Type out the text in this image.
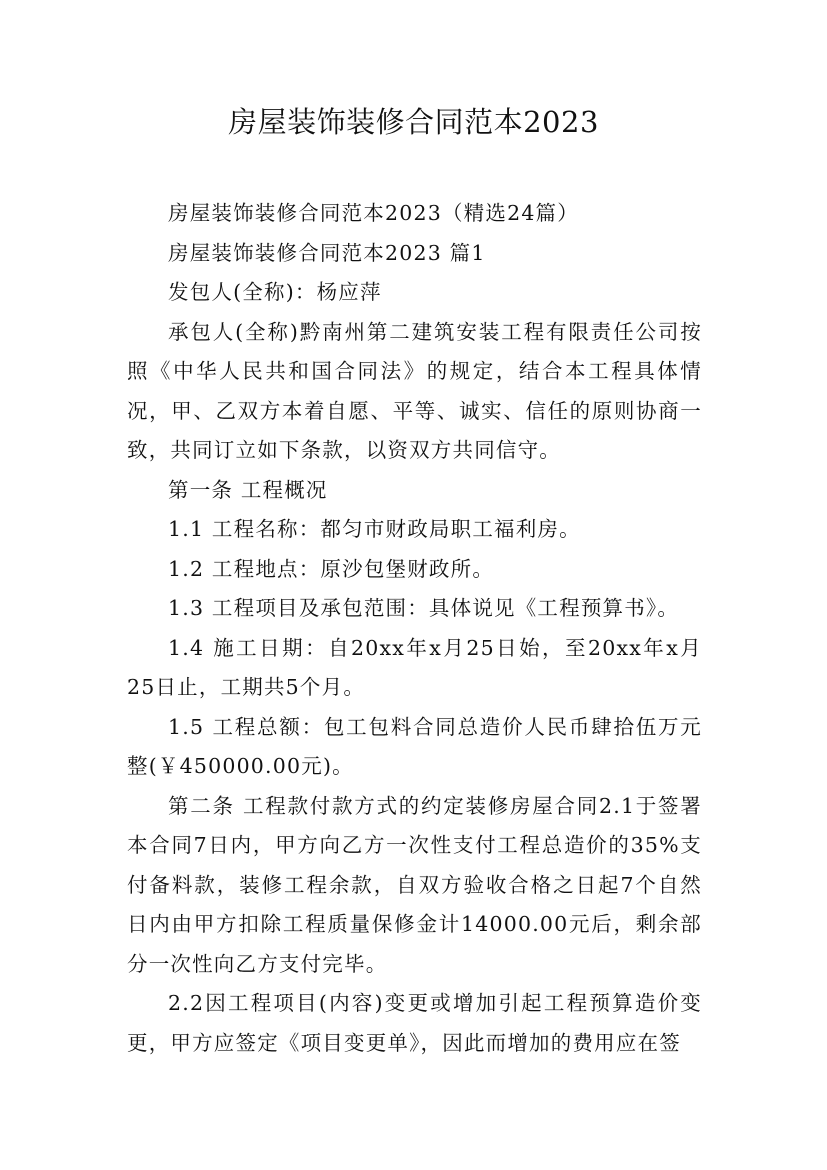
房屋装饰装修合同范本2023

房屋装饰装修合同范本2023（精选24篇）

房屋装饰装修合同范本2023 篇1

发包人(全称)：杨应萍

承包人(全称)黔南州第二建筑安装工程有限责任公司按照《中华人民共和国合同法》的规定，结合本工程具体情况，甲、乙双方本着自愿、平等、诚实、信任的原则协商一致，共同订立如下条款，以资双方共同信守。

第一条 工程概况

1.1 工程名称：都匀市财政局职工福利房。

1.2 工程地点：原沙包堡财政所。

1.3 工程项目及承包范围：具体说见《工程预算书》。

1.4 施工日期：自20xx年x月25日始，至20xx年x月25日止，工期共5个月。

1.5 工程总额：包工包料合同总造价人民币肆拾伍万元整(￥450000.00元)。

第二条 工程款付款方式的约定装修房屋合同2.1于签署本合同7日内，甲方向乙方一次性支付工程总造价的35%支付备料款，装修工程余款，自双方验收合格之日起7个自然日内由甲方扣除工程质量保修金计14000.00元后，剩余部分一次性向乙方支付完毕。

2.2因工程项目(内容)变更或增加引起工程预算造价变更，甲方应签定《项目变更单》，因此而增加的费用应在签
